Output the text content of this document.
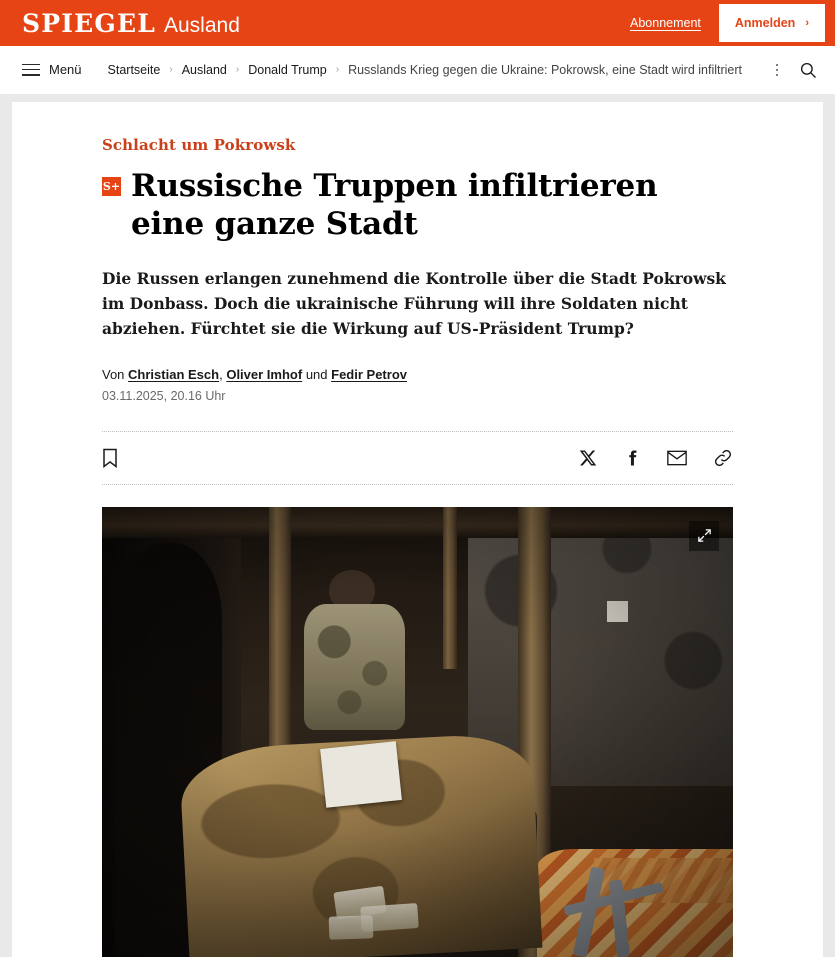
SPIEGEL Ausland	Abonnement	Anmelden ›
Menü Startseite › Ausland › Donald Trump › Russlands Krieg gegen die Ukraine: Pokrowsk, eine Stadt wird infiltriert
Schlacht um Pokrowsk
S+ Russische Truppen infiltrieren eine ganze Stadt

Die Russen erlangen zunehmend die Kontrolle über die Stadt Pokrowsk im Donbass. Doch die ukrainische Führung will ihre Soldaten nicht abziehen. Fürchtet sie die Wirkung auf US-Präsident Trump?

Von Christian Esch, Oliver Imhof und Fedir Petrov
03.11.2025, 20.16 Uhr
